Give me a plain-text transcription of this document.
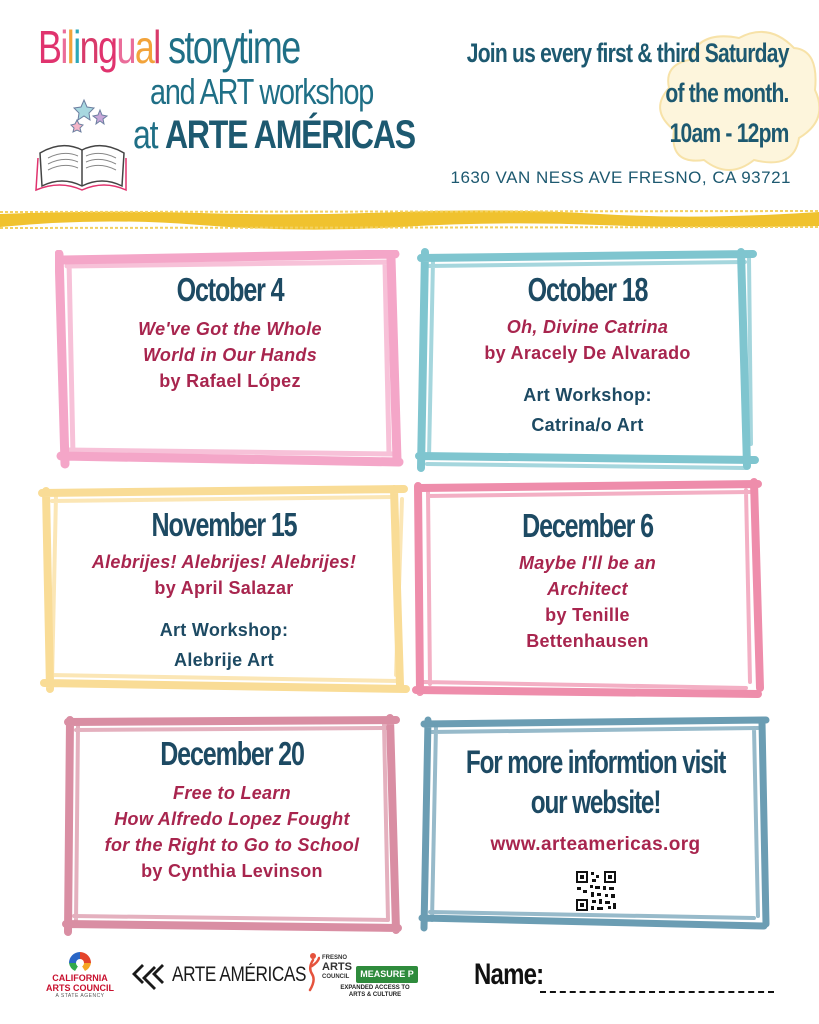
Bilingual storytime
and ART workshop
at ARTE AMÉRICAS
Join us every first & third Saturday
of the month.
10am - 12pm
1630 VAN NESS AVE FRESNO, CA 93721
October 4
We've Got the Whole
World in Our Hands
by Rafael López
October 18
Oh, Divine Catrina
by Aracely De Alvarado
Art Workshop:
Catrina/o Art
November 15
Alebrijes! Alebrijes! Alebrijes!
by April Salazar
Art Workshop:
Alebrije Art
December 6
Maybe I'll be an
Architect
by Tenille
Bettenhausen
December 20
Free to Learn
How Alfredo Lopez Fought
for the Right to Go to School
by Cynthia Levinson
For more informtion visit
our website!
www.arteamericas.org
CALIFORNIA
ARTS COUNCIL
A STATE AGENCY
ARTE AMÉRICAS
FRESNO
ARTS
COUNCIL	MEASURE P
EXPANDED ACCESS TO
ARTS & CULTURE
Name:
